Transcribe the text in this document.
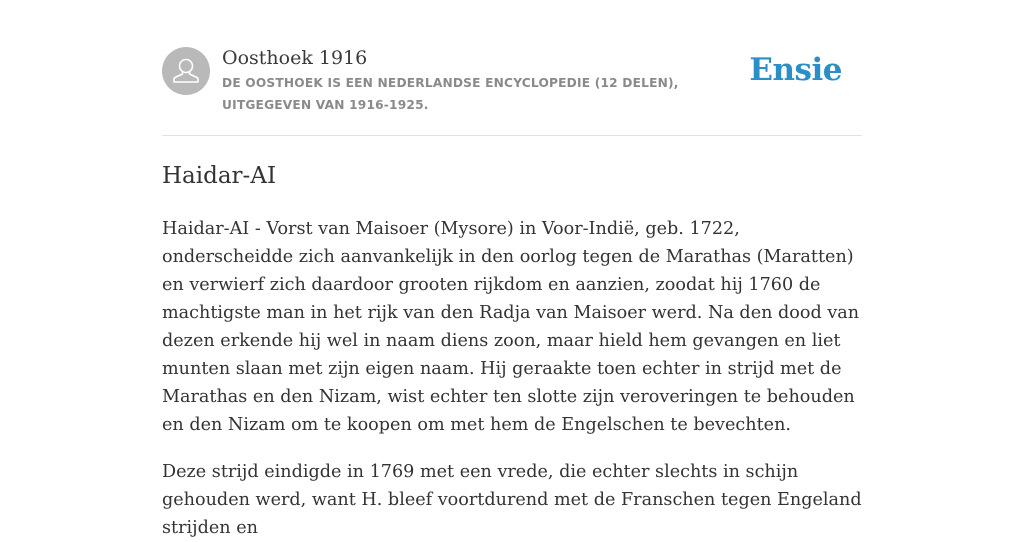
Oosthoek 1916

DE OOSTHOEK IS EEN NEDERLANDSE ENCYCLOPEDIE (12 DELEN), UITGEGEVEN VAN 1916-1925.

Ensie
Haidar-AI

Haidar-AI - Vorst van Maisoer (Mysore) in Voor-Indië, geb. 1722, onderscheidde zich aanvankelijk in den oorlog tegen de Marathas (Maratten) en verwierf zich daardoor grooten rijkdom en aanzien, zoodat hij 1760 de machtigste man in het rijk van den Radja van Maisoer werd. Na den dood van dezen erkende hij wel in naam diens zoon, maar hield hem gevangen en liet munten slaan met zijn eigen naam. Hij geraakte toen echter in strijd met de Marathas en den Nizam, wist echter ten slotte zijn veroveringen te behouden en den Nizam om te koopen om met hem de Engelschen te bevechten.

Deze strijd eindigde in 1769 met een vrede, die echter slechts in schijn gehouden werd, want H. bleef voortdurend met de Franschen tegen Engeland strijden en
